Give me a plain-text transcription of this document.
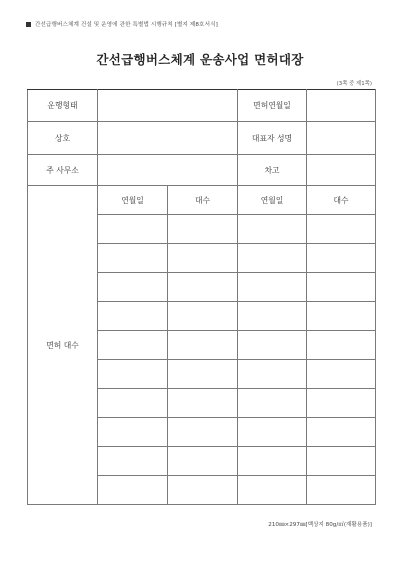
간선급행버스체계 건설 및 운영에 관한 특별법 시행규칙 [별지 제8호서식]
간선급행버스체계 운송사업 면허대장
(3쪽 중 제1쪽)
운행형태			면허연월일	
상호			대표자 성명	
주 사무소			차고	
면허 대수	연월일	대수	연월일	대수

210㎜×297㎜[백상지 80g/㎡(재활용품)]
